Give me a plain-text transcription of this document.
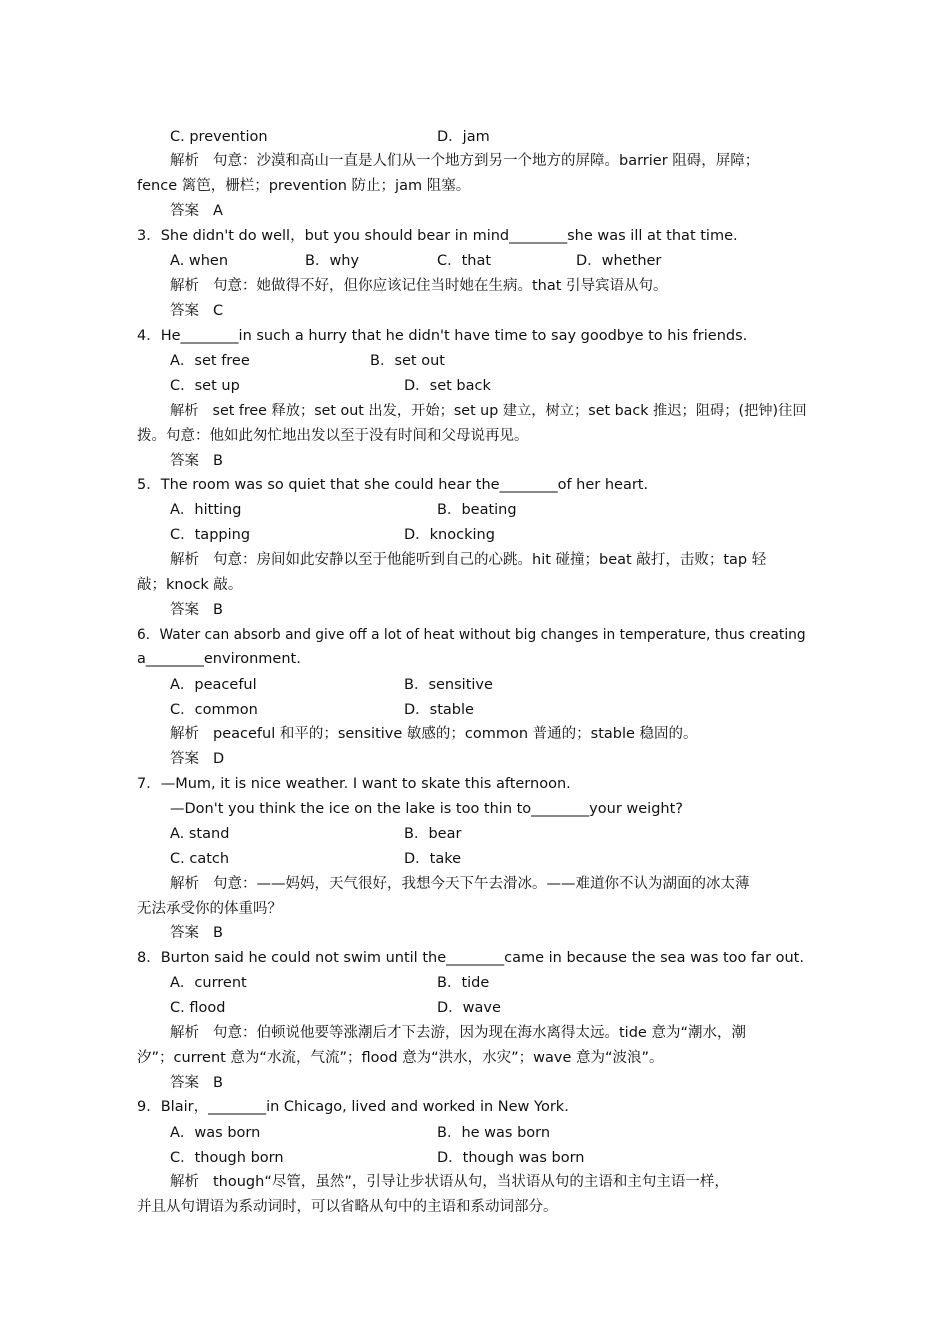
C. prevention	D．jam
解析 句意：沙漠和高山一直是人们从一个地方到另一个地方的屏障。barrier 阻碍，屏障；
fence 篱笆，栅栏；prevention 防止；jam 阻塞。
答案 A
3．She didn't do well，but you should bear in mind________she was ill at that time.
A. when	B．why	C．that	D．whether
解析 句意：她做得不好，但你应该记住当时她在生病。that 引导宾语从句。
答案 C
4．He________in such a hurry that he didn't have time to say goodbye to his friends.
A．set free	B．set out
C．set up	D．set back
解析 set free 释放；set out 出发，开始；set up 建立，树立；set back 推迟；阻碍；(把钟)往回
拨。句意：他如此匆忙地出发以至于没有时间和父母说再见。
答案 B
5．The room was so quiet that she could hear the________of her heart.
A．hitting	B．beating
C．tapping	D．knocking
解析 句意：房间如此安静以至于他能听到自己的心跳。hit 碰撞；beat 敲打，击败；tap 轻
敲；knock 敲。
答案 B
6．Water can absorb and give off a lot of heat without big changes in temperature, thus creating
a________environment.
A．peaceful	B．sensitive
C．common	D．stable
解析 peaceful 和平的；sensitive 敏感的；common 普通的；stable 稳固的。
答案 D
7．—Mum, it is nice weather. I want to skate this afternoon.
—Don't you think the ice on the lake is too thin to________your weight?
A. stand	B．bear
C. catch	D．take
解析 句意：——妈妈，天气很好，我想今天下午去滑冰。——难道你不认为湖面的冰太薄
无法承受你的体重吗？
答案 B
8．Burton said he could not swim until the________came in because the sea was too far out.
A．current	B．tide
C. flood	D．wave
解析 句意：伯顿说他要等涨潮后才下去游，因为现在海水离得太远。tide 意为“潮水，潮
汐”；current 意为“水流，气流”；flood 意为“洪水，水灾”；wave 意为“波浪”。
答案 B
9．Blair，________in Chicago, lived and worked in New York.
A．was born	B．he was born
C．though born	D．though was born
解析 though“尽管，虽然”，引导让步状语从句，当状语从句的主语和主句主语一样，
并且从句谓语为系动词时，可以省略从句中的主语和系动词部分。
